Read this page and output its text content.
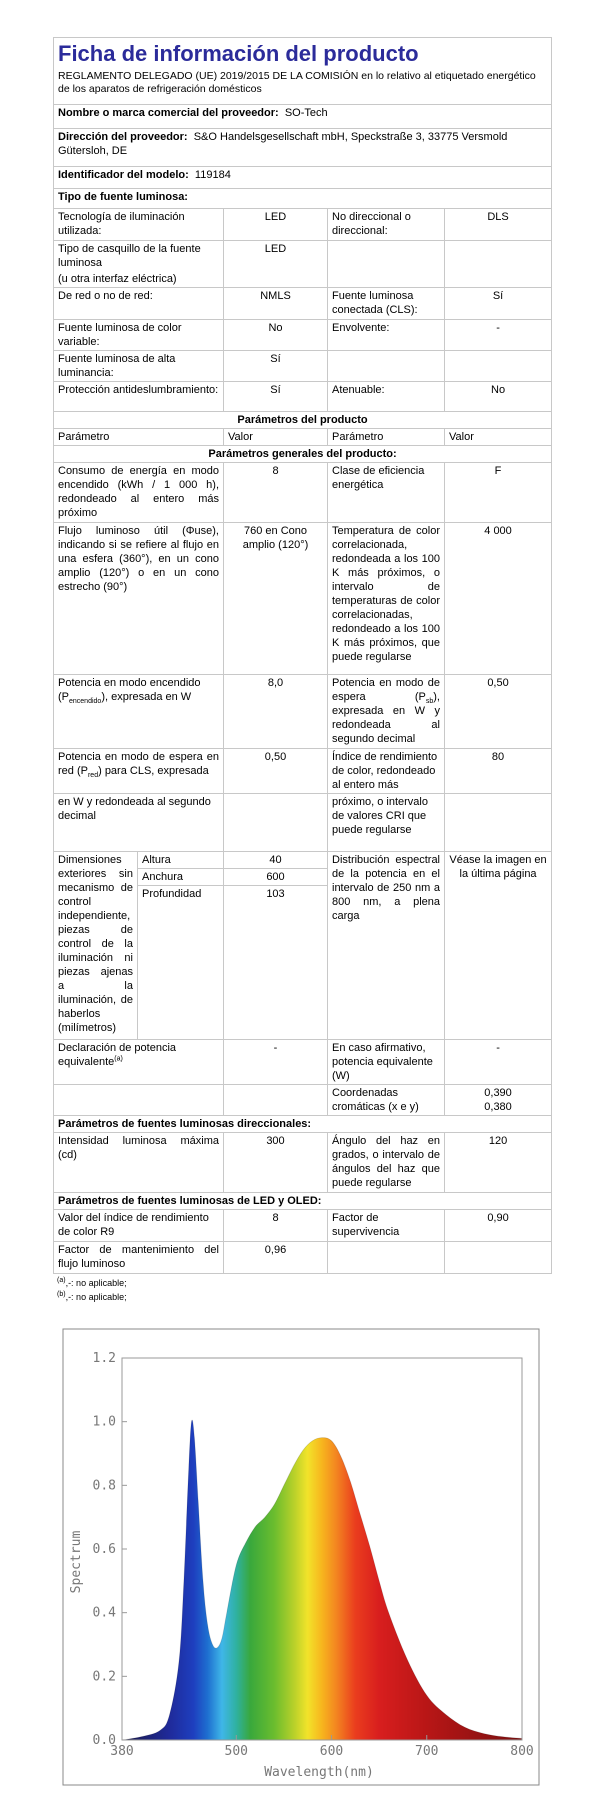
Ficha de información del producto				
REGLAMENTO DELEGADO (UE) 2019/2015 DE LA COMISIÓN en lo relativo al etiquetado energético de los aparatos de refrigeración domésticos				
Nombre o marca comercial del proveedor: SO-Tech				
Dirección del proveedor: S&O Handelsgesellschaft mbH, Speckstraße 3, 33775 Versmold Gütersloh, DE				
Identificador del modelo: 119184				
Tipo de fuente luminosa:				
Tecnología de iluminación utilizada:		LED	No direccional o direccional:	DLS

Tipo de casquillo de la fuente luminosa
(u otra interfaz eléctrica)		LED		
De red o no de red:		NMLS	Fuente luminosa conectada (CLS):	Sí
Fuente luminosa de color variable:		No	Envolvente:	-
Fuente luminosa de alta luminancia:		Sí		
Protección antideslumbramiento:		Sí	Atenuable:	No
Parámetros del producto				
Parámetro		Valor	Parámetro	Valor
Parámetros generales del producto:				
Consumo de energía en modo encendido (kWh / 1 000 h), redondeado al entero más próximo		8	Clase de eficiencia energética	F
Flujo luminoso útil (Φuse), indicando si se refiere al flujo en una esfera (360°), en un cono amplio (120°) o en un cono estrecho (90°)		760 en Cono amplio (120°)	Temperatura de color correlacionada, redondeada a los 100 K más próximos, o intervalo de temperaturas de color correlacionadas, redondeado a los 100 K más próximos, que puede regularse	4 000
Potencia en modo encendido $(P_{encendido})$, expresada en W		8,0	Potencia en modo de espera $(P_{sb})$, expresada en W y redondeada al segundo decimal	0,50
Potencia en modo de espera en red $(P_{red})$ para CLS, expresada		0,50	Índice de rendimiento de color, redondeado al entero más	80
en W y redondeada al segundo decimal			próximo, o intervalo de valores CRI que puede regularse	
Dimensiones exteriores sin mecanismo de control independiente, piezas de control de la iluminación ni piezas ajenas a la iluminación, de haberlos (milímetros)	Altura	40	Distribución espectral de la potencia en el intervalo de 250 nm a 800 nm, a plena carga	Véase la imagen en la última página
	Anchura	600		
	Profundidad	103		
Declaración de potencia equivalente$^{(a)}$		-	En caso afirmativo, potencia equivalente (W)	-
			Coordenadas cromáticas (x e y)	0,390
0,380

Parámetros de fuentes luminosas direccionales:				
Intensidad luminosa máxima (cd)		300	Ángulo del haz en grados, o intervalo de ángulos del haz que puede regularse	120
Parámetros de fuentes luminosas de LED y OLED:				
Valor del índice de rendimiento de color R9		8	Factor de supervivencia	0,90
Factor de mantenimiento del flujo luminoso		0,96		
$^{(a)}$,-: no aplicable;
$^{(b)}$,-: no aplicable;
0.0
0.2
0.4
0.6
0.8
1.0
1.2
380	500	600	700	800
Spectrum
Wavelength(nm)
